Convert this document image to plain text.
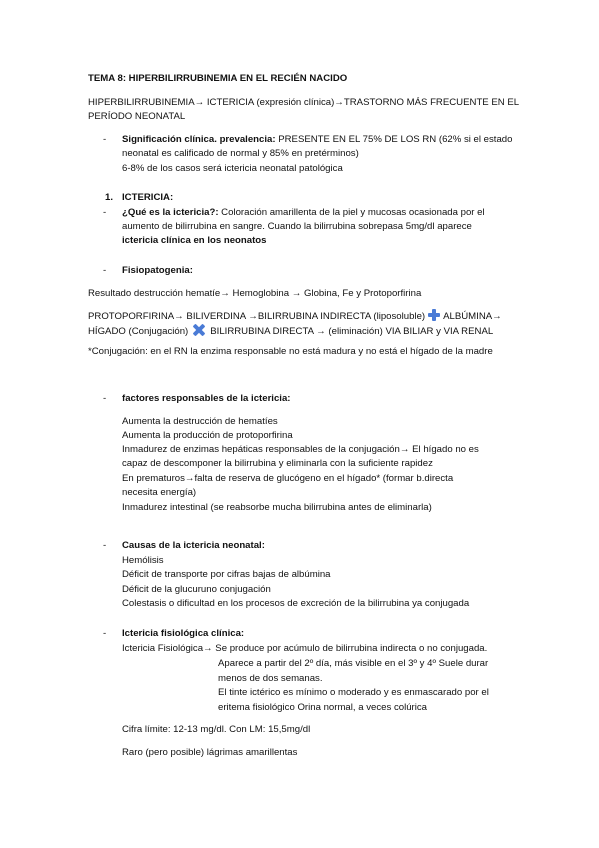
TEMA 8: HIPERBILIRRUBINEMIA EN EL RECIÉN NACIDO
HIPERBILIRRUBINEMIA→ ICTERICIA (expresión clínica)→TRASTORNO MÁS FRECUENTE EN EL
PERÍODO NEONATAL
- Significación clínica. prevalencia: PRESENTE EN EL 75% DE LOS RN (62% si el estado
neonatal es calificado de normal y 85% en pretérminos)
6-8% de los casos será ictericia neonatal patológica
1. ICTERICIA:
- ¿Qué es la ictericia?: Coloración amarillenta de la piel y mucosas ocasionada por el
aumento de bilirrubina en sangre. Cuando la bilirrubina sobrepasa 5mg/dl aparece
ictericia clínica en los neonatos
- Fisiopatogenia:
Resultado destrucción hematíe→ Hemoglobina → Globina, Fe y Protoporfirina
PROTOPORFIRINA→ BILIVERDINA →BILIRRUBINA INDIRECTA (liposoluble) ALBÚMINA→
HÍGADO (Conjugación) BILIRRUBINA DIRECTA → (eliminación) VIA BILIAR y VIA RENAL
*Conjugación: en el RN la enzima responsable no está madura y no está el hígado de la madre
- factores responsables de la ictericia:
Aumenta la destrucción de hematíes
Aumenta la producción de protoporfirina
Inmadurez de enzimas hepáticas responsables de la conjugación→ El hígado no es
capaz de descomponer la bilirrubina y eliminarla con la suficiente rapidez
En prematuros→falta de reserva de glucógeno en el hígado* (formar b.directa
necesita energía)
Inmadurez intestinal (se reabsorbe mucha bilirrubina antes de eliminarla)
- Causas de la ictericia neonatal:
Hemólisis
Déficit de transporte por cifras bajas de albúmina
Déficit de la glucuruno conjugación
Colestasis o dificultad en los procesos de excreción de la bilirrubina ya conjugada
- Ictericia fisiológica clínica:
Ictericia Fisiológica→ Se produce por acúmulo de bilirrubina indirecta o no conjugada.
Aparece a partir del 2º día, más visible en el 3º y 4º Suele durar
menos de dos semanas.
El tinte ictérico es mínimo o moderado y es enmascarado por el
eritema fisiológico Orina normal, a veces colúrica
Cifra límite: 12-13 mg/dl. Con LM: 15,5mg/dl
Raro (pero posible) lágrimas amarillentas
